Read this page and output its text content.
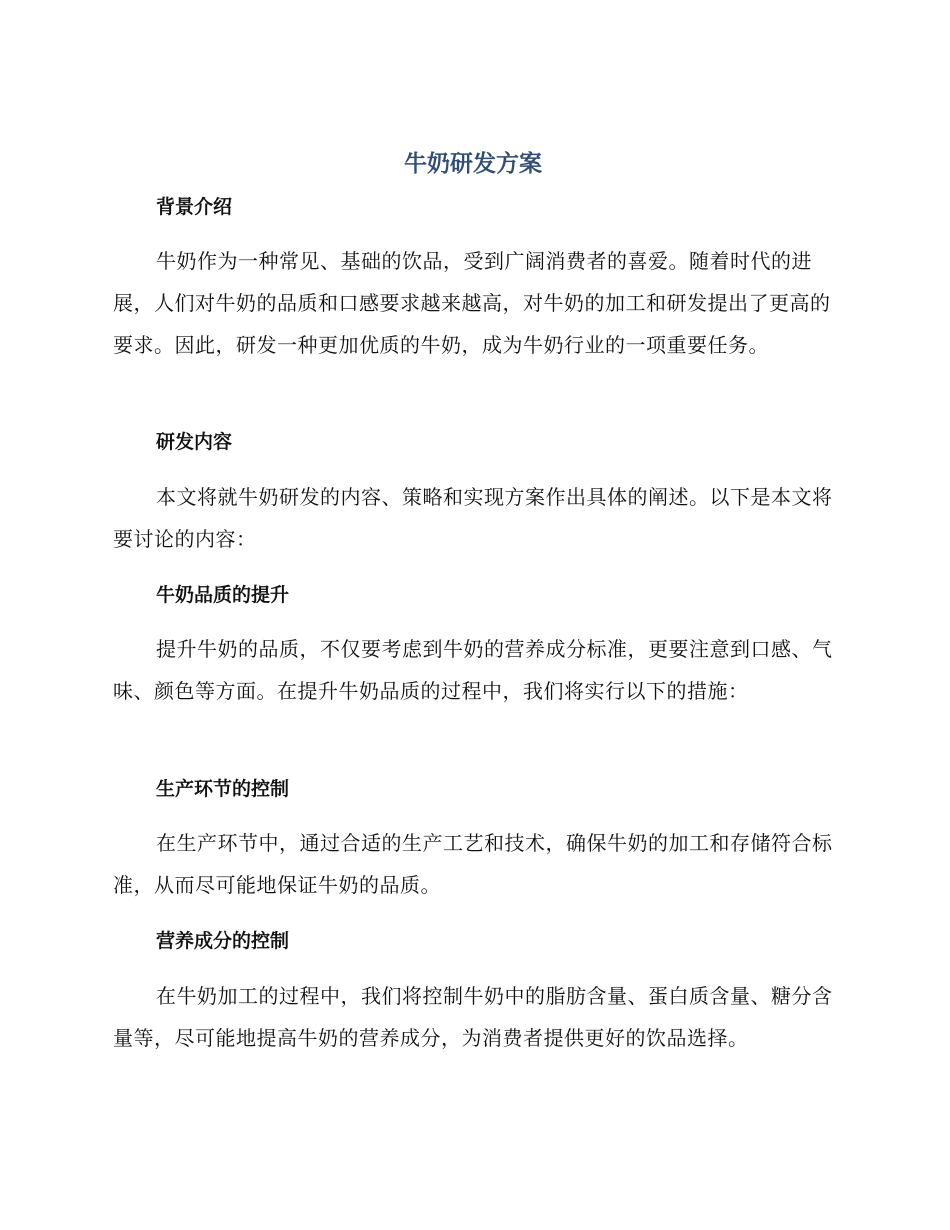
牛奶研发方案
背景介绍

牛奶作为一种常见、基础的饮品，受到广阔消费者的喜爱。随着时代的进展，人们对牛奶的品质和口感要求越来越高，对牛奶的加工和研发提出了更高的要求。因此，研发一种更加优质的牛奶，成为牛奶行业的一项重要任务。

研发内容

本文将就牛奶研发的内容、策略和实现方案作出具体的阐述。以下是本文将要讨论的内容：

牛奶品质的提升

提升牛奶的品质，不仅要考虑到牛奶的营养成分标准，更要注意到口感、气味、颜色等方面。在提升牛奶品质的过程中，我们将实行以下的措施：

生产环节的控制

在生产环节中，通过合适的生产工艺和技术，确保牛奶的加工和存储符合标准，从而尽可能地保证牛奶的品质。

营养成分的控制

在牛奶加工的过程中，我们将控制牛奶中的脂肪含量、蛋白质含量、糖分含量等，尽可能地提高牛奶的营养成分，为消费者提供更好的饮品选择。
